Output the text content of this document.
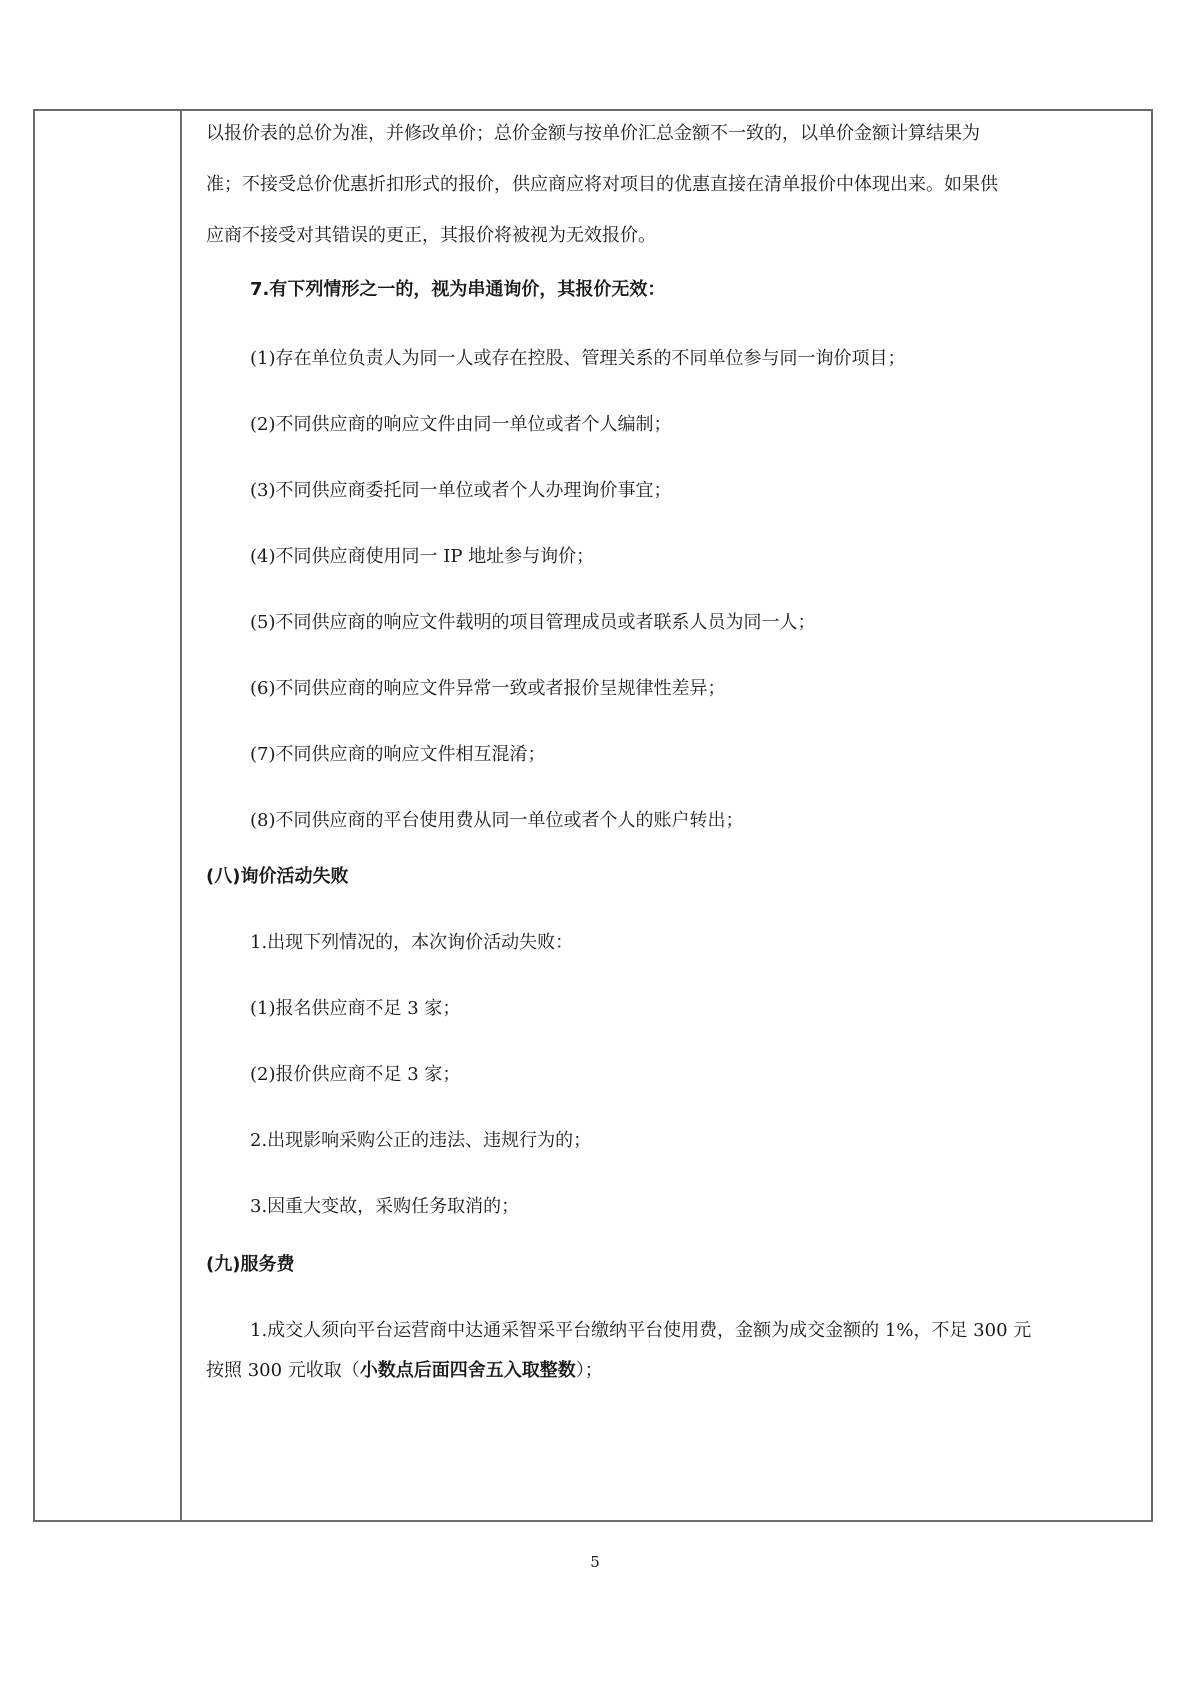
以报价表的总价为准，并修改单价；总价金额与按单价汇总金额不一致的，以单价金额计算结果为
准；不接受总价优惠折扣形式的报价，供应商应将对项目的优惠直接在清单报价中体现出来。如果供
应商不接受对其错误的更正，其报价将被视为无效报价。
7.有下列情形之一的，视为串通询价，其报价无效：
(1)存在单位负责人为同一人或存在控股、管理关系的不同单位参与同一询价项目；
(2)不同供应商的响应文件由同一单位或者个人编制；
(3)不同供应商委托同一单位或者个人办理询价事宜；
(4)不同供应商使用同一 IP 地址参与询价；
(5)不同供应商的响应文件载明的项目管理成员或者联系人员为同一人；
(6)不同供应商的响应文件异常一致或者报价呈规律性差异；
(7)不同供应商的响应文件相互混淆；
(8)不同供应商的平台使用费从同一单位或者个人的账户转出；
(八)询价活动失败
1.出现下列情况的，本次询价活动失败：
(1)报名供应商不足 3 家；
(2)报价供应商不足 3 家；
2.出现影响采购公正的违法、违规行为的；
3.因重大变故，采购任务取消的；
(九)服务费
1.成交人须向平台运营商中达通采智采平台缴纳平台使用费，金额为成交金额的 1%，不足 300 元
按照 300 元收取（小数点后面四舍五入取整数）；
5
